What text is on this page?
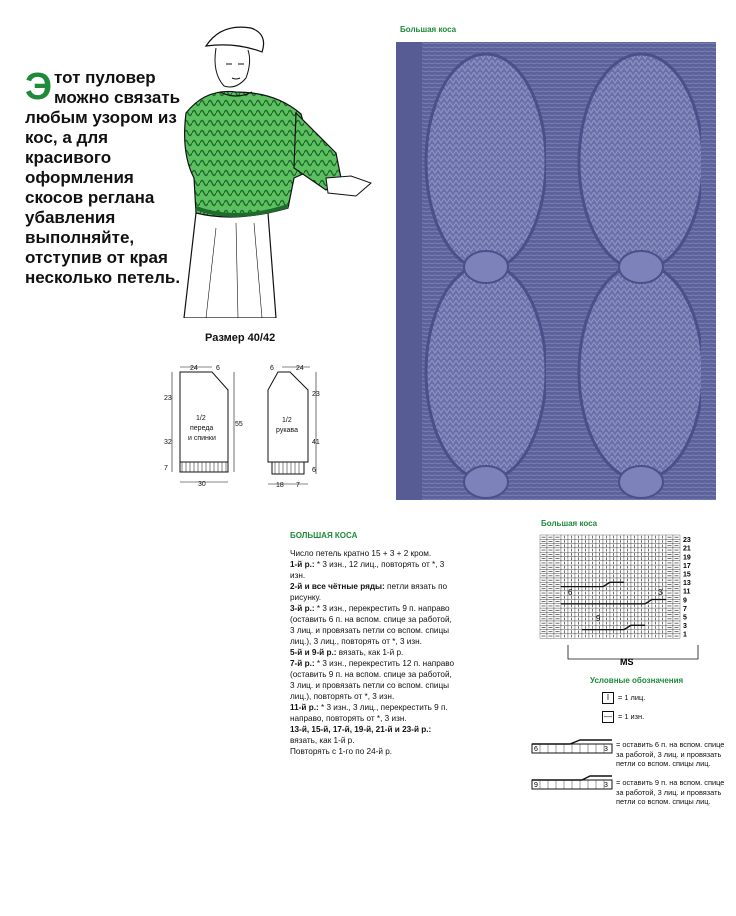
Этот пуловер можно связать любым узором из кос, а для красивого оформления скосов реглана убавления выполняйте, отступив от края несколько петель.
Размер 40/42
24	6
23
32
7
55
30
1/2
переда
и спинки
6	24
23
41
6
18 7
1/2
рукава
Большая коса
БОЛЬШАЯ КОСА

Число петель кратно 15 + 3 + 2 кром.

1-й р.: * 3 изн., 12 лиц., повторять от *, 3 изн.

2-й и все чётные ряды: петли вязать по рисунку.

3-й р.: * 3 изн., перекрестить 9 п. направо (оставить 6 п. на вспом. спице за работой, 3 лиц. и провязать петли со вспом. спицы лиц.), 3 лиц., повторять от *, 3 изн.

5-й и 9-й р.: вязать, как 1-й р.

7-й р.: * 3 изн., перекрестить 12 п. направо (оставить 9 п. на вспом. спице за работой, 3 лиц. и провязать петли со вспом. спицы лиц.), повторять от *, 3 изн.

11-й р.: * 3 изн., 3 лиц., перекрестить 9 п. направо, повторять от *, 3 изн.

13-й, 15-й, 17-й, 19-й, 21-й и 23-й р.: вязать, как 1-й р.

Повторять с 1-го по 24-й р.

Большая коса
23
21
19
17
15
13
11
9
7
5
3
1
6
9
3
MS
Условные обозначения
I	= 1 лиц.
— = 1 изн.
6	3
9	3
= оставить 6 п. на вспом. спице за работой, 3 лиц. и провязать петли со вспом. спицы лиц.
= оставить 9 п. на вспом. спице за работой, 3 лиц. и провязать петли со вспом. спицы лиц.
